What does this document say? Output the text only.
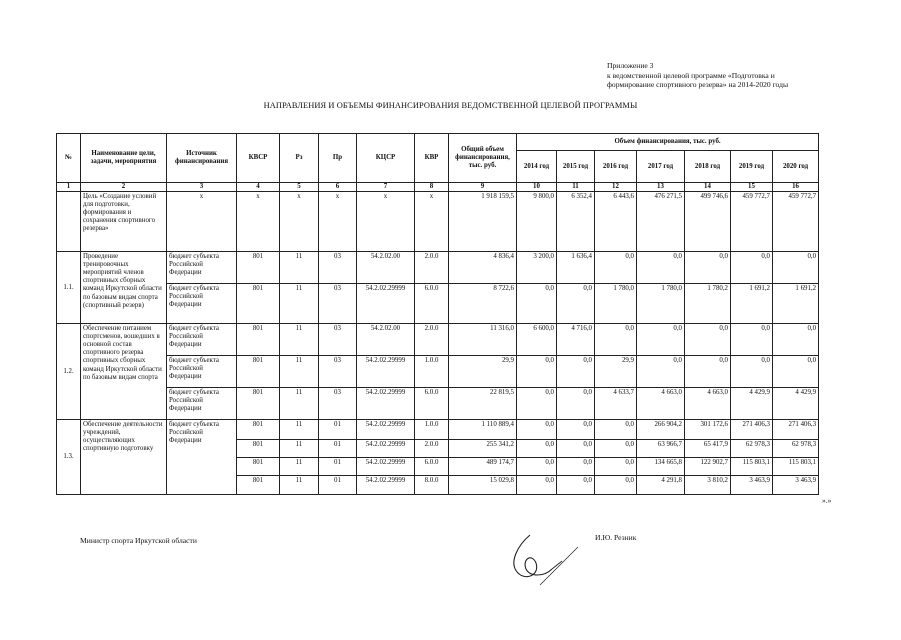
Приложение 3
к ведомственной целевой программе «Подготовка и
формирование спортивного резерва» на 2014-2020 годы
НАПРАВЛЕНИЯ И ОБЪЕМЫ ФИНАНСИРОВАНИЯ ВЕДОМСТВЕННОЙ ЦЕЛЕВОЙ ПРОГРАММЫ
№	Наименование цели, задачи, мероприятия	Источник финансирования	КВСР	Рз	Пр	КЦСР	КВР	Общий объем финансирования, тыс. руб.	Объем финансирования, тыс. руб.						
									2014 год	2015 год	2016 год	2017 год	2018 год	2019 год	2020 год
1	2	3	4	5	6	7	8	9	10	11	12	13	14	15	16
	Цель «Создание условий для подготовки, формирования и сохранения спортивного резерва»	х	х	х	х	х	х	1 918 159,5	9 800,0	6 352,4	6 443,6	476 271,5	499 746,6	459 772,7	459 772,7
1.1.	Проведение тренировочных мероприятий членов спортивных сборных команд Иркутской области по базовым видам спорта (спортивный резерв)	бюджет субъекта Российской Федерации	801	11	03	54.2.02.00	2.0.0	4 836,4	3 200,0	1 636,4	0,0	0,0	0,0	0,0	0,0
		бюджет субъекта Российской Федерации	801	11	03	54.2.02.29999	6.0.0	8 722,6	0,0	0,0	1 780,0	1 780,0	1 780,2	1 691,2	1 691,2
1.2.	Обеспечение питанием спортсменов, вошедших в основной состав спортивного резерва спортивных сборных команд Иркутской области по базовым видам спорта	бюджет субъекта Российской Федерации	801	11	03	54.2.02.00	2.0.0	11 316,0	6 600,0	4 716,0	0,0	0,0	0,0	0,0	0,0
		бюджет субъекта Российской Федерации	801	11	03	54.2.02.29999	1.0.0	29,9	0,0	0,0	29,9	0,0	0,0	0,0	0,0
		бюджет субъекта Российской Федерации	801	11	03	54.2.02.29999	6.0.0	22 819,5	0,0	0,0	4 633,7	4 663,0	4 663,0	4 429,9	4 429,9
1.3.	Обеспечение деятельности учреждений, осуществляющих спортивную подготовку	бюджет субъекта Российской Федерации	801	11	01	54.2.02.29999	1.0.0	1 110 889,4	0,0	0,0	0,0	266 904,2	301 172,6	271 406,3	271 406,3
			801	11	01	54.2.02.29999	2.0.0	255 341,2	0,0	0,0	0,0	63 966,7	65 417,9	62 978,3	62 978,3
			801	11	01	54.2.02.29999	6.0.0	489 174,7	0,0	0,0	0,0	134 665,8	122 902,7	115 803,1	115 803,1
			801	11	01	54.2.02.29999	8.0.0	15 029,8	0,0	0,0	0,0	4 291,8	3 810,2	3 463,9	3 463,9
».»
Министр спорта Иркутской области	И.Ю. Резник
